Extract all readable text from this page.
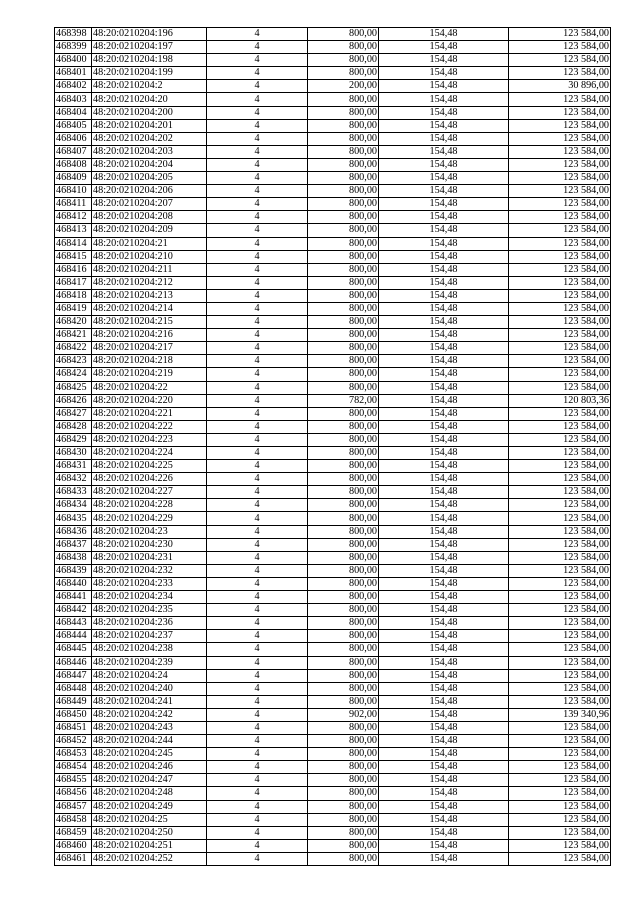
468398	48:20:0210204:196	4	800,00	154,48	123 584,00
468399	48:20:0210204:197	4	800,00	154,48	123 584,00
468400	48:20:0210204:198	4	800,00	154,48	123 584,00
468401	48:20:0210204:199	4	800,00	154,48	123 584,00
468402	48:20:0210204:2	4	200,00	154,48	30 896,00
468403	48:20:0210204:20	4	800,00	154,48	123 584,00
468404	48:20:0210204:200	4	800,00	154,48	123 584,00
468405	48:20:0210204:201	4	800,00	154,48	123 584,00
468406	48:20:0210204:202	4	800,00	154,48	123 584,00
468407	48:20:0210204:203	4	800,00	154,48	123 584,00
468408	48:20:0210204:204	4	800,00	154,48	123 584,00
468409	48:20:0210204:205	4	800,00	154,48	123 584,00
468410	48:20:0210204:206	4	800,00	154,48	123 584,00
468411	48:20:0210204:207	4	800,00	154,48	123 584,00
468412	48:20:0210204:208	4	800,00	154,48	123 584,00
468413	48:20:0210204:209	4	800,00	154,48	123 584,00
468414	48:20:0210204:21	4	800,00	154,48	123 584,00
468415	48:20:0210204:210	4	800,00	154,48	123 584,00
468416	48:20:0210204:211	4	800,00	154,48	123 584,00
468417	48:20:0210204:212	4	800,00	154,48	123 584,00
468418	48:20:0210204:213	4	800,00	154,48	123 584,00
468419	48:20:0210204:214	4	800,00	154,48	123 584,00
468420	48:20:0210204:215	4	800,00	154,48	123 584,00
468421	48:20:0210204:216	4	800,00	154,48	123 584,00
468422	48:20:0210204:217	4	800,00	154,48	123 584,00
468423	48:20:0210204:218	4	800,00	154,48	123 584,00
468424	48:20:0210204:219	4	800,00	154,48	123 584,00
468425	48:20:0210204:22	4	800,00	154,48	123 584,00
468426	48:20:0210204:220	4	782,00	154,48	120 803,36
468427	48:20:0210204:221	4	800,00	154,48	123 584,00
468428	48:20:0210204:222	4	800,00	154,48	123 584,00
468429	48:20:0210204:223	4	800,00	154,48	123 584,00
468430	48:20:0210204:224	4	800,00	154,48	123 584,00
468431	48:20:0210204:225	4	800,00	154,48	123 584,00
468432	48:20:0210204:226	4	800,00	154,48	123 584,00
468433	48:20:0210204:227	4	800,00	154,48	123 584,00
468434	48:20:0210204:228	4	800,00	154,48	123 584,00
468435	48:20:0210204:229	4	800,00	154,48	123 584,00
468436	48:20:0210204:23	4	800,00	154,48	123 584,00
468437	48:20:0210204:230	4	800,00	154,48	123 584,00
468438	48:20:0210204:231	4	800,00	154,48	123 584,00
468439	48:20:0210204:232	4	800,00	154,48	123 584,00
468440	48:20:0210204:233	4	800,00	154,48	123 584,00
468441	48:20:0210204:234	4	800,00	154,48	123 584,00
468442	48:20:0210204:235	4	800,00	154,48	123 584,00
468443	48:20:0210204:236	4	800,00	154,48	123 584,00
468444	48:20:0210204:237	4	800,00	154,48	123 584,00
468445	48:20:0210204:238	4	800,00	154,48	123 584,00
468446	48:20:0210204:239	4	800,00	154,48	123 584,00
468447	48:20:0210204:24	4	800,00	154,48	123 584,00
468448	48:20:0210204:240	4	800,00	154,48	123 584,00
468449	48:20:0210204:241	4	800,00	154,48	123 584,00
468450	48:20:0210204:242	4	902,00	154,48	139 340,96
468451	48:20:0210204:243	4	800,00	154,48	123 584,00
468452	48:20:0210204:244	4	800,00	154,48	123 584,00
468453	48:20:0210204:245	4	800,00	154,48	123 584,00
468454	48:20:0210204:246	4	800,00	154,48	123 584,00
468455	48:20:0210204:247	4	800,00	154,48	123 584,00
468456	48:20:0210204:248	4	800,00	154,48	123 584,00
468457	48:20:0210204:249	4	800,00	154,48	123 584,00
468458	48:20:0210204:25	4	800,00	154,48	123 584,00
468459	48:20:0210204:250	4	800,00	154,48	123 584,00
468460	48:20:0210204:251	4	800,00	154,48	123 584,00
468461	48:20:0210204:252	4	800,00	154,48	123 584,00
